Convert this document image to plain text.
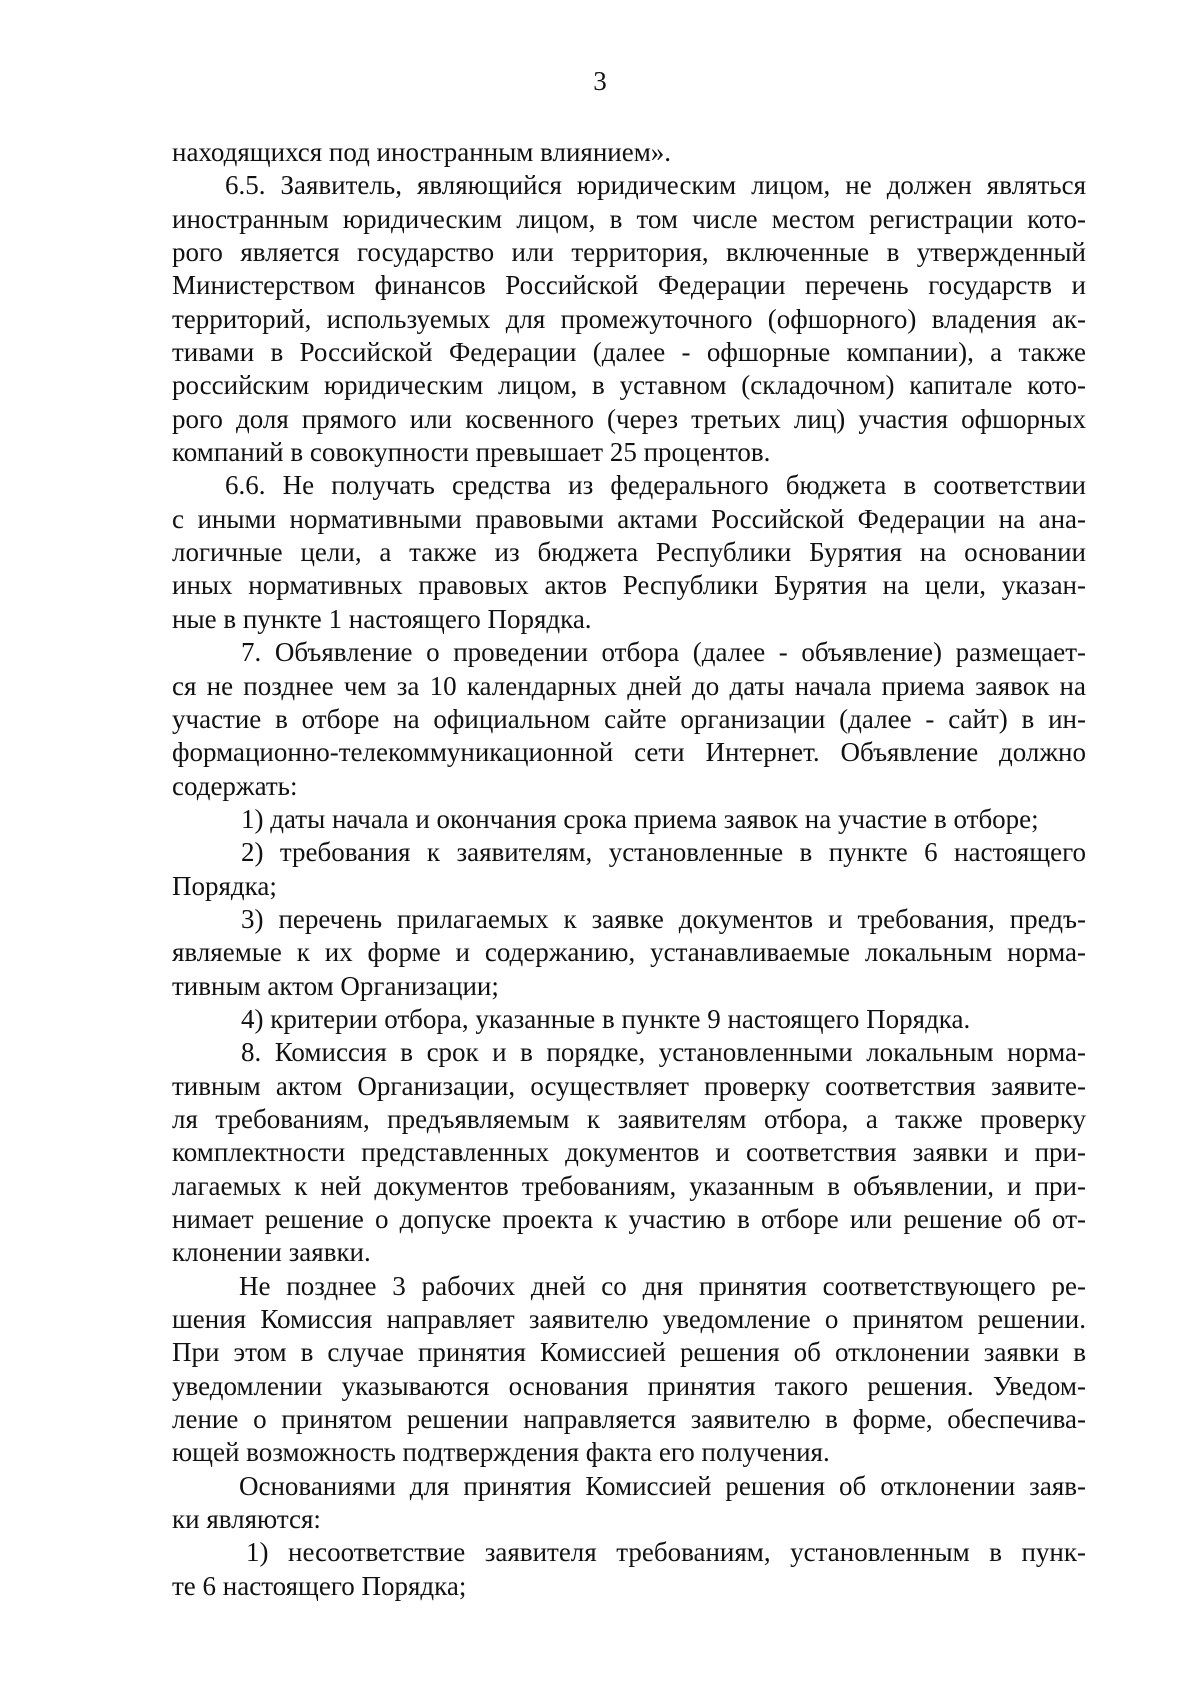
3
находящихся под иностранным влиянием».
6.5. Заявитель, являющийся юридическим лицом, не должен являться
иностранным юридическим лицом, в том числе местом регистрации кото-
рого является государство или территория, включенные в утвержденный
Министерством финансов Российской Федерации перечень государств и
территорий, используемых для промежуточного (офшорного) владения ак-
тивами в Российской Федерации (далее - офшорные компании), а также
российским юридическим лицом, в уставном (складочном) капитале кото-
рого доля прямого или косвенного (через третьих лиц) участия офшорных
компаний в совокупности превышает 25 процентов.
6.6. Не получать средства из федерального бюджета в соответствии
с иными нормативными правовыми актами Российской Федерации на ана-
логичные цели, а также из бюджета Республики Бурятия на основании
иных нормативных правовых актов Республики Бурятия на цели, указан-
ные в пункте 1 настоящего Порядка.
7. Объявление о проведении отбора (далее - объявление) размещает-
ся не позднее чем за 10 календарных дней до даты начала приема заявок на
участие в отборе на официальном сайте организации (далее - сайт) в ин-
формационно-телекоммуникационной сети Интернет. Объявление должно
содержать:
1) даты начала и окончания срока приема заявок на участие в отборе;
2) требования к заявителям, установленные в пункте 6 настоящего
Порядка;
3) перечень прилагаемых к заявке документов и требования, предъ-
являемые к их форме и содержанию, устанавливаемые локальным норма-
тивным актом Организации;
4) критерии отбора, указанные в пункте 9 настоящего Порядка.
8. Комиссия в срок и в порядке, установленными локальным норма-
тивным актом Организации, осуществляет проверку соответствия заявите-
ля требованиям, предъявляемым к заявителям отбора, а также проверку
комплектности представленных документов и соответствия заявки и при-
лагаемых к ней документов требованиям, указанным в объявлении, и при-
нимает решение о допуске проекта к участию в отборе или решение об от-
клонении заявки.
Не позднее 3 рабочих дней со дня принятия соответствующего ре-
шения Комиссия направляет заявителю уведомление о принятом решении.
При этом в случае принятия Комиссией решения об отклонении заявки в
уведомлении указываются основания принятия такого решения. Уведом-
ление о принятом решении направляется заявителю в форме, обеспечива-
ющей возможность подтверждения факта его получения.
Основаниями для принятия Комиссией решения об отклонении заяв-
ки являются:
1) несоответствие заявителя требованиям, установленным в пунк-
те 6 настоящего Порядка;
